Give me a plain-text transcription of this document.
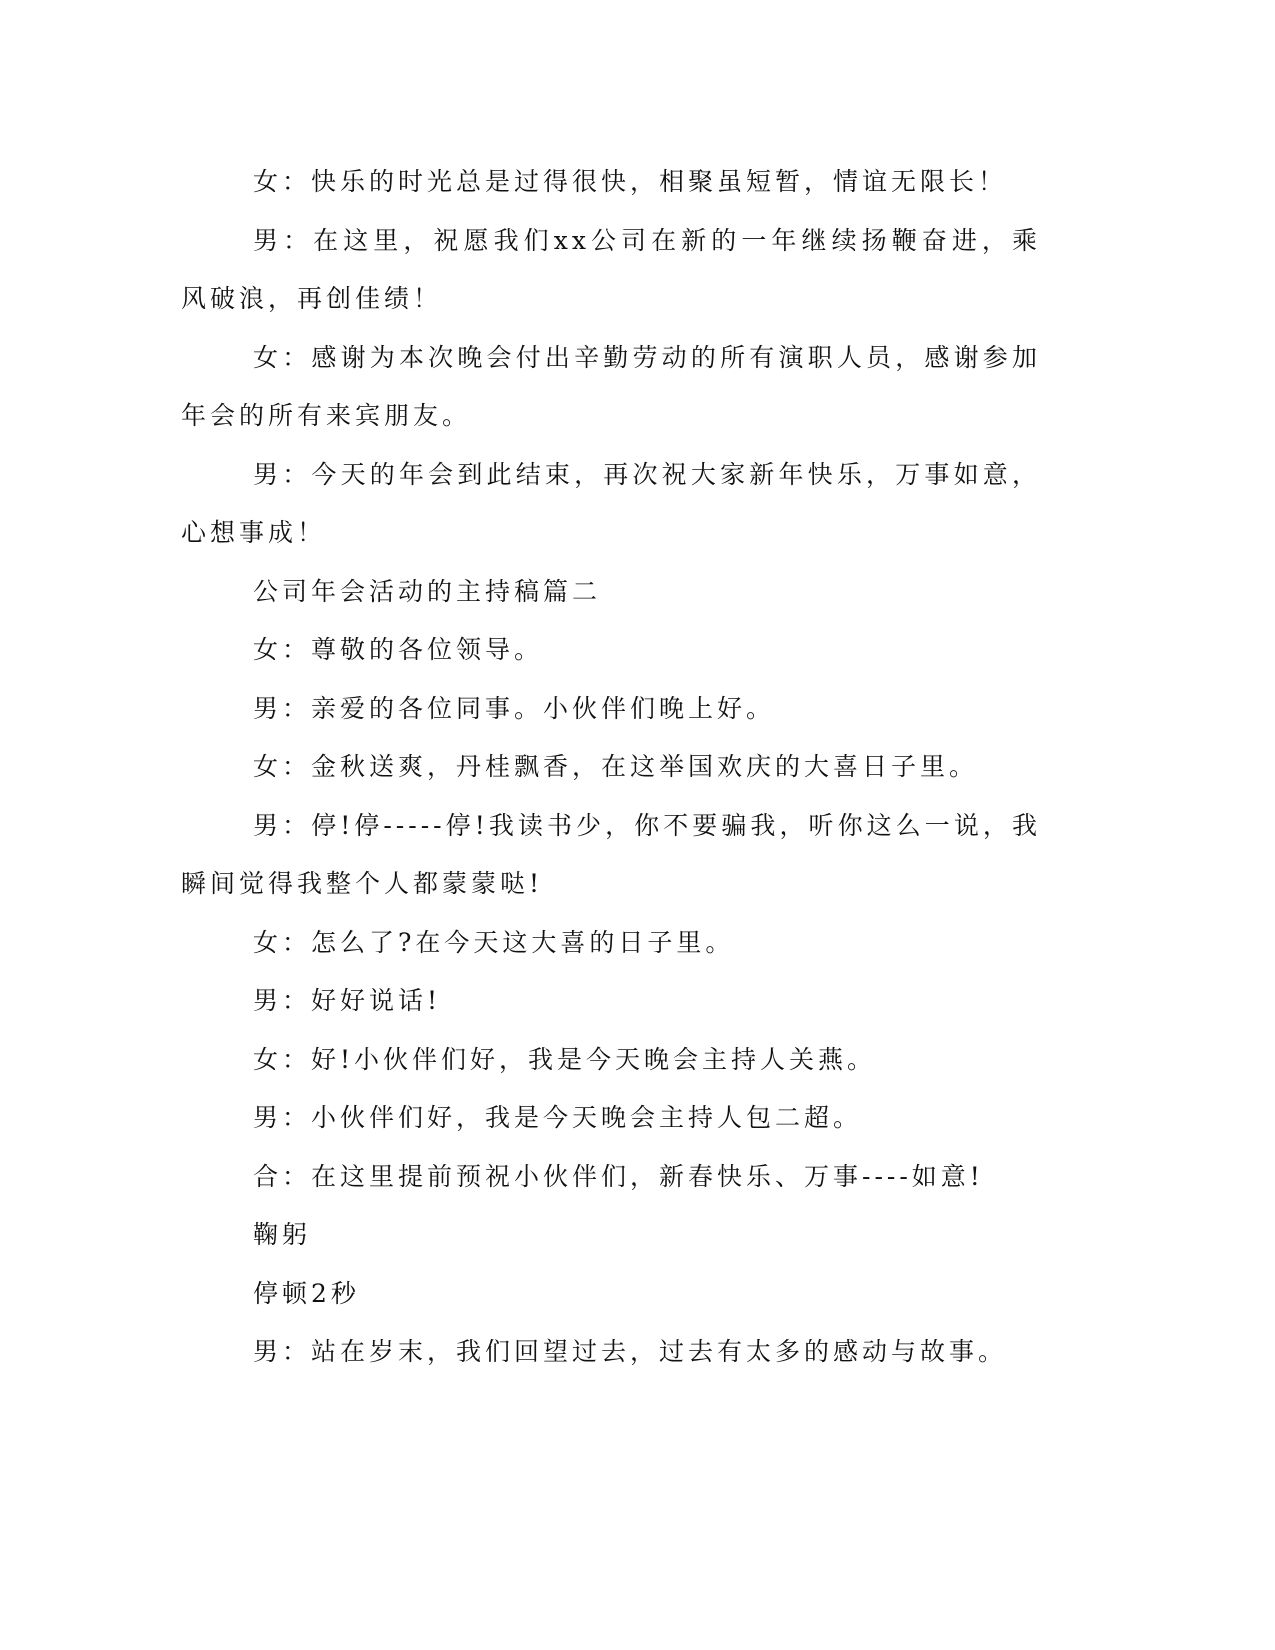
女：快乐的时光总是过得很快，相聚虽短暂，情谊无限长！

男：在这里，祝愿我们xx公司在新的一年继续扬鞭奋进，乘风破浪，再创佳绩！

女：感谢为本次晚会付出辛勤劳动的所有演职人员，感谢参加年会的所有来宾朋友。

男：今天的年会到此结束，再次祝大家新年快乐，万事如意，心想事成！

公司年会活动的主持稿篇二

女：尊敬的各位领导。

男：亲爱的各位同事。小伙伴们晚上好。

女：金秋送爽，丹桂飘香，在这举国欢庆的大喜日子里。

男：停!停-----停!我读书少，你不要骗我，听你这么一说，我瞬间觉得我整个人都蒙蒙哒!

女：怎么了?在今天这大喜的日子里。

男：好好说话!

女：好!小伙伴们好，我是今天晚会主持人关燕。

男：小伙伴们好，我是今天晚会主持人包二超。

合：在这里提前预祝小伙伴们，新春快乐、万事----如意!

鞠躬

停顿2秒

男：站在岁末，我们回望过去，过去有太多的感动与故事。
